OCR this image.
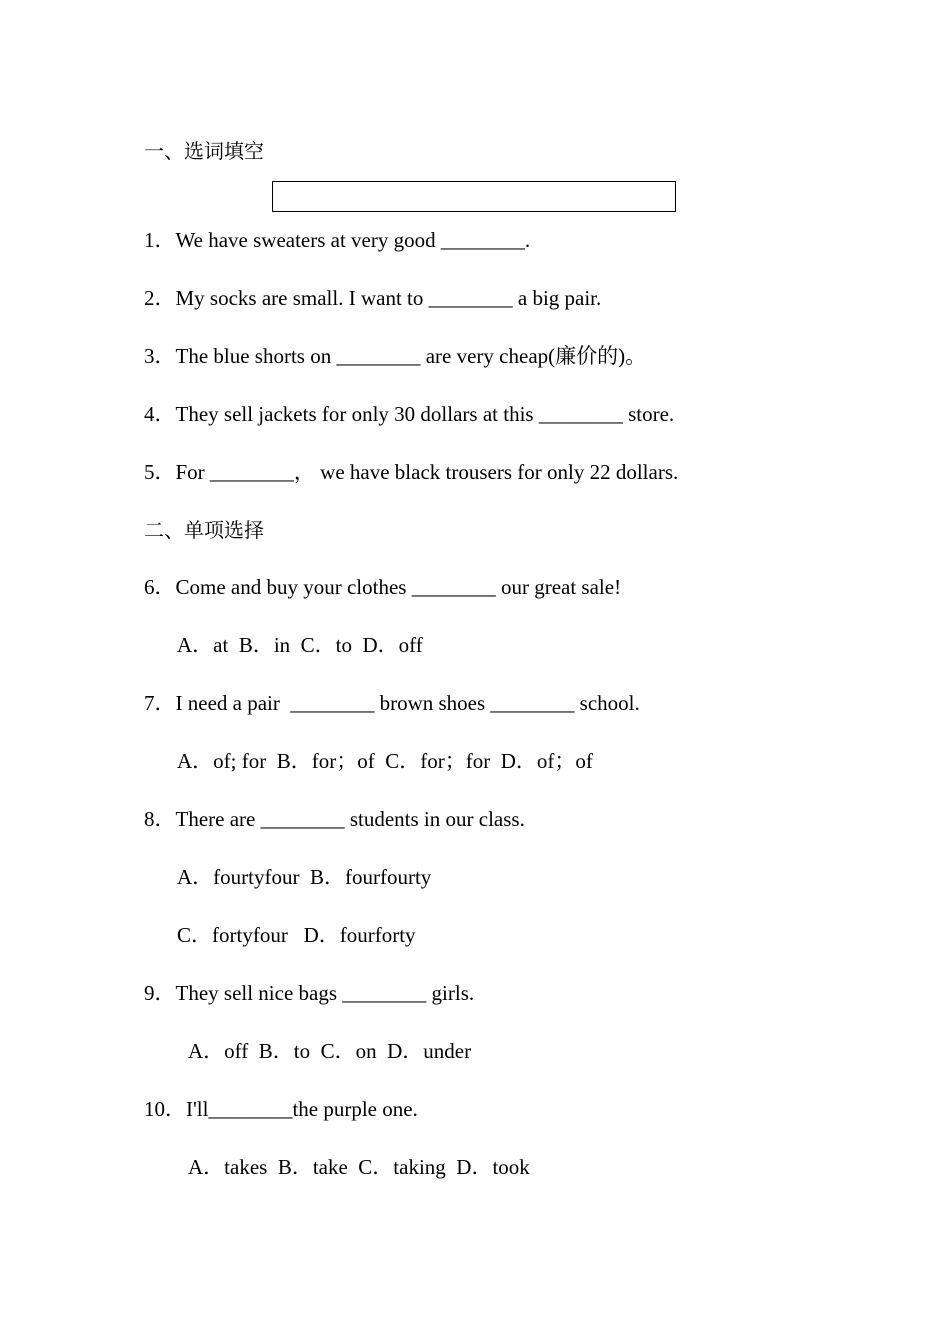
一、选词填空
1．We have sweaters at very good ________.
2．My socks are small. I want to ________ a big pair.
3．The blue shorts on ________ are very cheap(廉价的)。
4．They sell jackets for only 30 dollars at this ________ store.
5．For ________， we have black trousers for only 22 dollars.
二、单项选择
6．Come and buy your clothes ________ our great sale!
A．at  B．in  C．to  D．off
7．I need a pair  ________ brown shoes ________ school.
A．of; for  B．for；of  C．for；for  D．of；of
8．There are ________ students in our class.
A．fourtyfour  B．fourfourty
C．fortyfour   D．fourforty
9．They sell nice bags ________ girls.
A．off  B．to  C．on  D．under
10．I'll________the purple one.
A．takes  B．take  C．taking  D．took
